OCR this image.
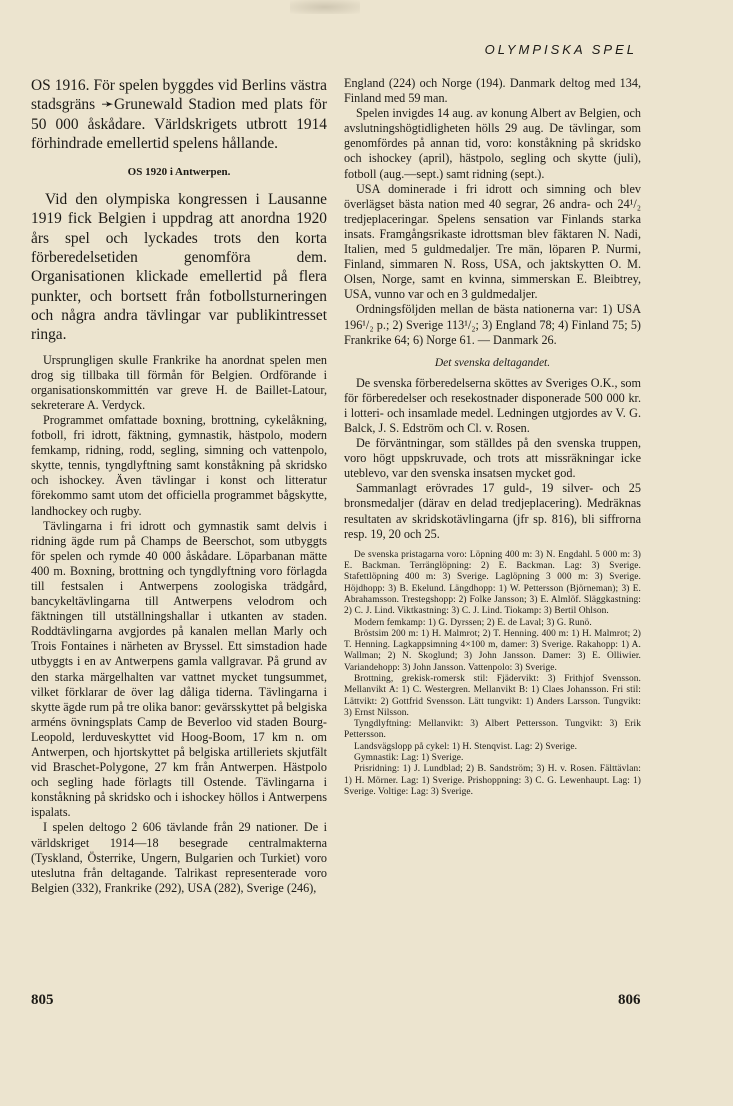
OLYMPISKA SPEL

OS 1916. För spelen byggdes vid Berlins västra stadsgräns ➛Grunewald Stadion med plats för 50 000 åskådare. Världskrigets utbrott 1914 förhindrade emellertid spelens hållande.

OS 1920 i Antwerpen.

Vid den olympiska kongressen i Lausanne 1919 fick Belgien i uppdrag att anordna 1920 års spel och lyckades trots den korta förberedelsetiden genomföra dem. Organisationen klickade emellertid på flera punkter, och bortsett från fotbollsturneringen och några andra tävlingar var publikintresset ringa.

Ursprungligen skulle Frankrike ha anordnat spelen men drog sig tillbaka till förmån för Belgien. Ordförande i organisationskommittén var greve H. de Baillet-Latour, sekreterare A. Verdyck.

Programmet omfattade boxning, brottning, cykelåkning, fotboll, fri idrott, fäktning, gymnastik, hästpolo, modern femkamp, ridning, rodd, segling, simning och vattenpolo, skytte, tennis, tyngdlyftning samt konståkning på skridsko och ishockey. Även tävlingar i konst och litteratur förekommo samt utom det officiella programmet bågskytte, landhockey och rugby.

Tävlingarna i fri idrott och gymnastik samt delvis i ridning ägde rum på Champs de Beerschot, som utbyggts för spelen och rymde 40 000 åskådare. Löparbanan mätte 400 m. Boxning, brottning och tyngdlyftning voro förlagda till festsalen i Antwerpens zoologiska trädgård, bancykeltävlingarna till Antwerpens velodrom och fäktningen till utställningshallar i utkanten av staden. Roddtävlingarna avgjordes på kanalen mellan Marly och Trois Fontaines i närheten av Bryssel. Ett simstadion hade utbyggts i en av Antwerpens gamla vallgravar. På grund av den starka märgelhalten var vattnet mycket tungsummet, vilket förklarar de över lag dåliga tiderna. Tävlingarna i skytte ägde rum på tre olika banor: gevärsskyttet på belgiska arméns övningsplats Camp de Beverloo vid staden Bourg-Leopold, lerduveskyttet vid Hoog-Boom, 17 km n. om Antwerpen, och hjortskyttet på belgiska artilleriets skjutfält vid Braschet-Polygone, 27 km från Antwerpen. Hästpolo och segling hade förlagts till Ostende. Tävlingarna i konståkning på skridsko och i ishockey höllos i Antwerpens ispalats.

I spelen deltogo 2 606 tävlande från 29 nationer. De i världskriget 1914—18 besegrade centralmakterna (Tyskland, Österrike, Ungern, Bulgarien och Turkiet) voro uteslutna från deltagande. Talrikast representerade voro Belgien (332), Frankrike (292), USA (282), Sverige (246),

England (224) och Norge (194). Danmark deltog med 134, Finland med 59 man.

Spelen invigdes 14 aug. av konung Albert av Belgien, och avslutningshögtidligheten hölls 29 aug. De tävlingar, som genomfördes på annan tid, voro: konståkning på skridsko och ishockey (april), hästpolo, segling och skytte (juli), fotboll (aug.—sept.) samt ridning (sept.).

USA dominerade i fri idrott och simning och blev överlägset bästa nation med 40 segrar, 26 andra- och 24¹/₂ tredjeplaceringar. Spelens sensation var Finlands starka insats. Framgångsrikaste idrottsman blev fäktaren N. Nadi, Italien, med 5 guldmedaljer. Tre män, löparen P. Nurmi, Finland, simmaren N. Ross, USA, och jaktskytten O. M. Olsen, Norge, samt en kvinna, simmerskan E. Bleibtrey, USA, vunno var och en 3 guldmedaljer.

Ordningsföljden mellan de bästa nationerna var: 1) USA 196¹/₂ p.; 2) Sverige 113¹/₂; 3) England 78; 4) Finland 75; 5) Frankrike 64; 6) Norge 61. — Danmark 26.

Det svenska deltagandet.

De svenska förberedelserna sköttes av Sveriges O.K., som för förberedelser och resekostnader disponerade 500 000 kr. i lotteri- och insamlade medel. Ledningen utgjordes av V. G. Balck, J. S. Edström och Cl. v. Rosen.

De förväntningar, som ställdes på den svenska truppen, voro högt uppskruvade, och trots att missräkningar icke uteblevo, var den svenska insatsen mycket god.

Sammanlagt erövrades 17 guld-, 19 silver- och 25 bronsmedaljer (därav en delad tredjeplacering). Medräknas resultaten av skridskotävlingarna (jfr sp. 816), bli siffrorna resp. 19, 20 och 25.

De svenska pristagarna voro: Löpning 400 m: 3) N. Engdahl. 5 000 m: 3) E. Backman. Terränglöpning: 2) E. Backman. Lag: 3) Sverige. Stafettlöpning 400 m: 3) Sverige. Laglöpning 3 000 m: 3) Sverige. Höjdhopp: 3) B. Ekelund. Längdhopp: 1) W. Pettersson (Björneman); 3) E. Abrahamsson. Trestegshopp: 2) Folke Jansson; 3) E. Almlöf. Släggkastning: 2) C. J. Lind. Viktkastning: 3) C. J. Lind. Tiokamp: 3) Bertil Ohlson.

Modern femkamp: 1) G. Dyrssen; 2) E. de Laval; 3) G. Runö.

Bröstsim 200 m: 1) H. Malmrot; 2) T. Henning. 400 m: 1) H. Malmrot; 2) T. Henning. Lagkappsimning 4×100 m, damer: 3) Sverige. Rakahopp: 1) A. Wallman; 2) N. Skoglund; 3) John Jansson. Damer: 3) E. Olliwier. Variandehopp: 3) John Jansson. Vattenpolo: 3) Sverige.

Brottning, grekisk-romersk stil: Fjädervikt: 3) Frithjof Svensson. Mellanvikt A: 1) C. Westergren. Mellanvikt B: 1) Claes Johansson. Fri stil: Lättvikt: 2) Gottfrid Svensson. Lätt tungvikt: 1) Anders Larsson. Tungvikt: 3) Ernst Nilsson.

Tyngdlyftning: Mellanvikt: 3) Albert Pettersson. Tungvikt: 3) Erik Pettersson.

Landsvägslopp på cykel: 1) H. Stenqvist. Lag: 2) Sverige.

Gymnastik: Lag: 1) Sverige.

Prisridning: 1) J. Lundblad; 2) B. Sandström; 3) H. v. Rosen. Fälttävlan: 1) H. Mörner. Lag: 1) Sverige. Prishoppning: 3) C. G. Lewenhaupt. Lag: 1) Sverige. Voltige: Lag: 3) Sverige.

805	806
